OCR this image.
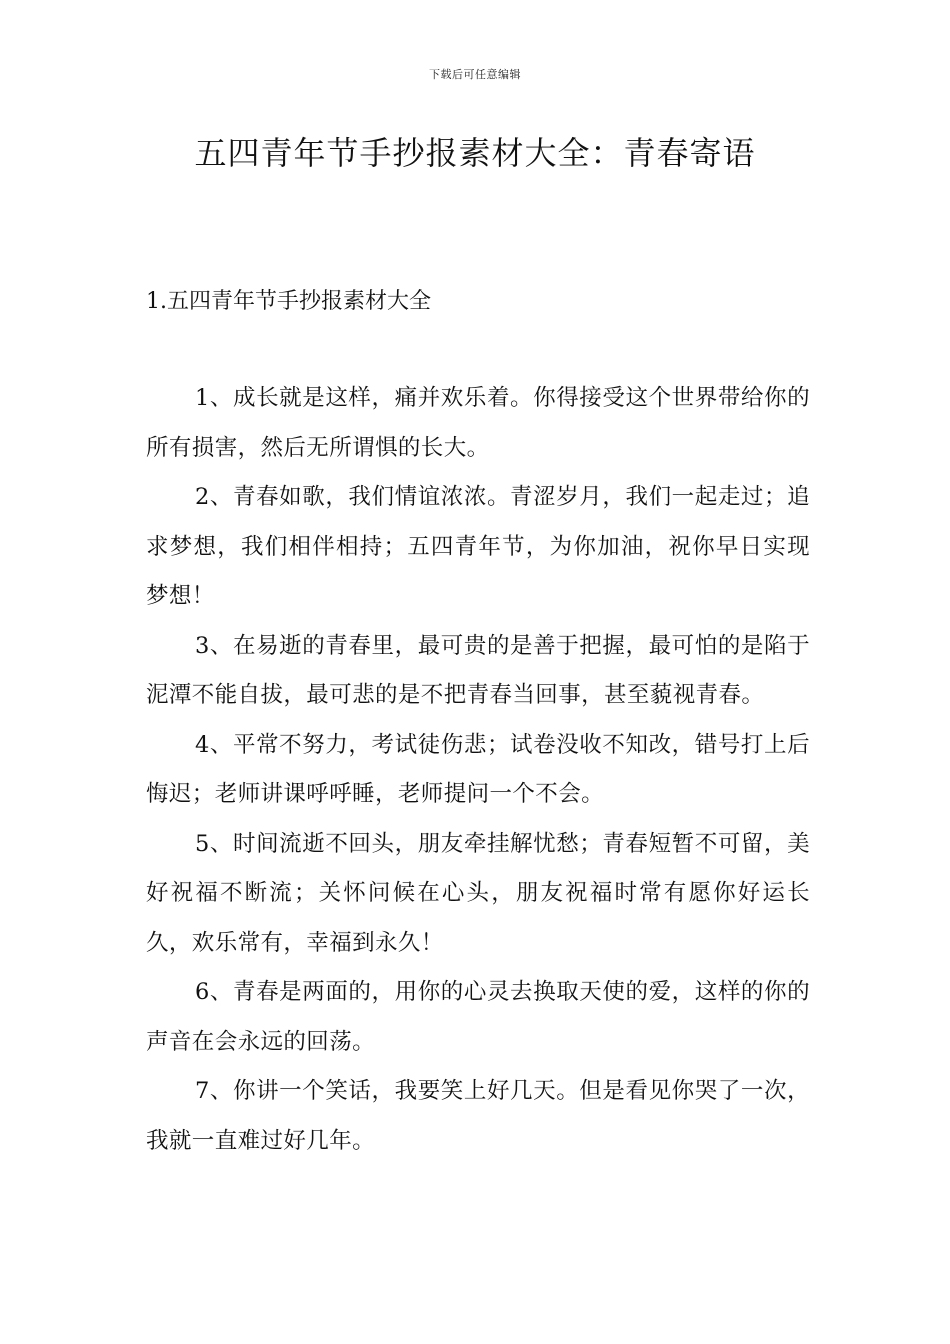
下载后可任意编辑
五四青年节手抄报素材大全：青春寄语
1.五四青年节手抄报素材大全

1、成长就是这样，痛并欢乐着。你得接受这个世界带给你的所有损害，然后无所谓惧的长大。

2、青春如歌，我们情谊浓浓。青涩岁月，我们一起走过；追求梦想，我们相伴相持；五四青年节，为你加油，祝你早日实现梦想！

3、在易逝的青春里，最可贵的是善于把握，最可怕的是陷于泥潭不能自拔，最可悲的是不把青春当回事，甚至藐视青春。

4、平常不努力，考试徒伤悲；试卷没收不知改，错号打上后悔迟；老师讲课呼呼睡，老师提问一个不会。

5、时间流逝不回头，朋友牵挂解忧愁；青春短暂不可留，美好祝福不断流；关怀问候在心头，朋友祝福时常有愿你好运长久，欢乐常有，幸福到永久！

6、青春是两面的，用你的心灵去换取天使的爱，这样的你的声音在会永远的回荡。

7、你讲一个笑话，我要笑上好几天。但是看见你哭了一次，我就一直难过好几年。
